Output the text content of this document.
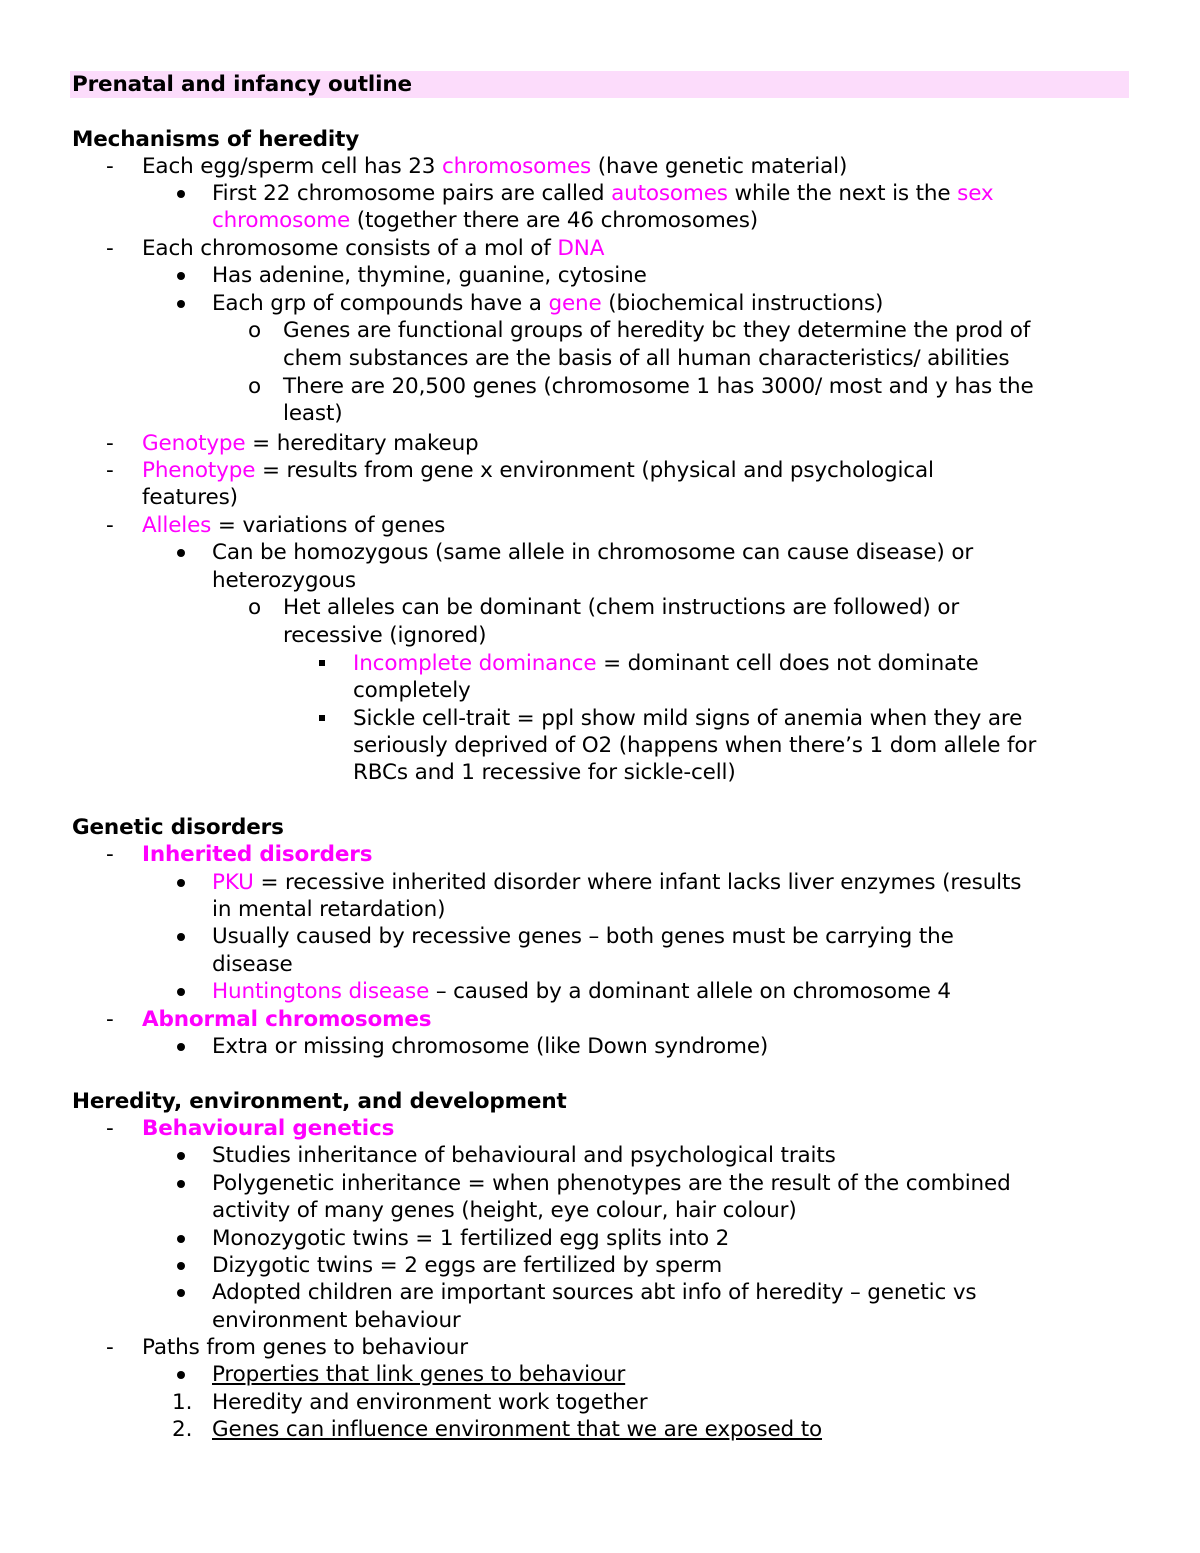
Prenatal and infancy outline
Mechanisms of heredity
Each egg/sperm cell has 23 chromosomes (have genetic material)
-
First 22 chromosome pairs are called autosomes while the next is the sex
chromosome (together there are 46 chromosomes)
Each chromosome consists of a mol of DNA
-
Has adenine, thymine, guanine, cytosine
Each grp of compounds have a gene (biochemical instructions)
Genes are functional groups of heredity bc they determine the prod of
o
chem substances are the basis of all human characteristics/ abilities
There are 20,500 genes (chromosome 1 has 3000/ most and y has the
o
least)
Genotype = hereditary makeup
-
Phenotype = results from gene x environment (physical and psychological
-
features)
Alleles = variations of genes
-
Can be homozygous (same allele in chromosome can cause disease) or
heterozygous
Het alleles can be dominant (chem instructions are followed) or
o
recessive (ignored)
Incomplete dominance = dominant cell does not dominate
completely
Sickle cell-trait = ppl show mild signs of anemia when they are
seriously deprived of O2 (happens when there’s 1 dom allele for
RBCs and 1 recessive for sickle-cell)
Genetic disorders
Inherited disorders
-
PKU = recessive inherited disorder where infant lacks liver enzymes (results
in mental retardation)
Usually caused by recessive genes – both genes must be carrying the
disease
Huntingtons disease – caused by a dominant allele on chromosome 4
Abnormal chromosomes
-
Extra or missing chromosome (like Down syndrome)
Heredity, environment, and development
Behavioural genetics
-
Studies inheritance of behavioural and psychological traits
Polygenetic inheritance = when phenotypes are the result of the combined
activity of many genes (height, eye colour, hair colour)
Monozygotic twins = 1 fertilized egg splits into 2
Dizygotic twins = 2 eggs are fertilized by sperm
Adopted children are important sources abt info of heredity – genetic vs
environment behaviour
Paths from genes to behaviour
-
Properties that link genes to behaviour
Heredity and environment work together
1.
Genes can influence environment that we are exposed to
2.
